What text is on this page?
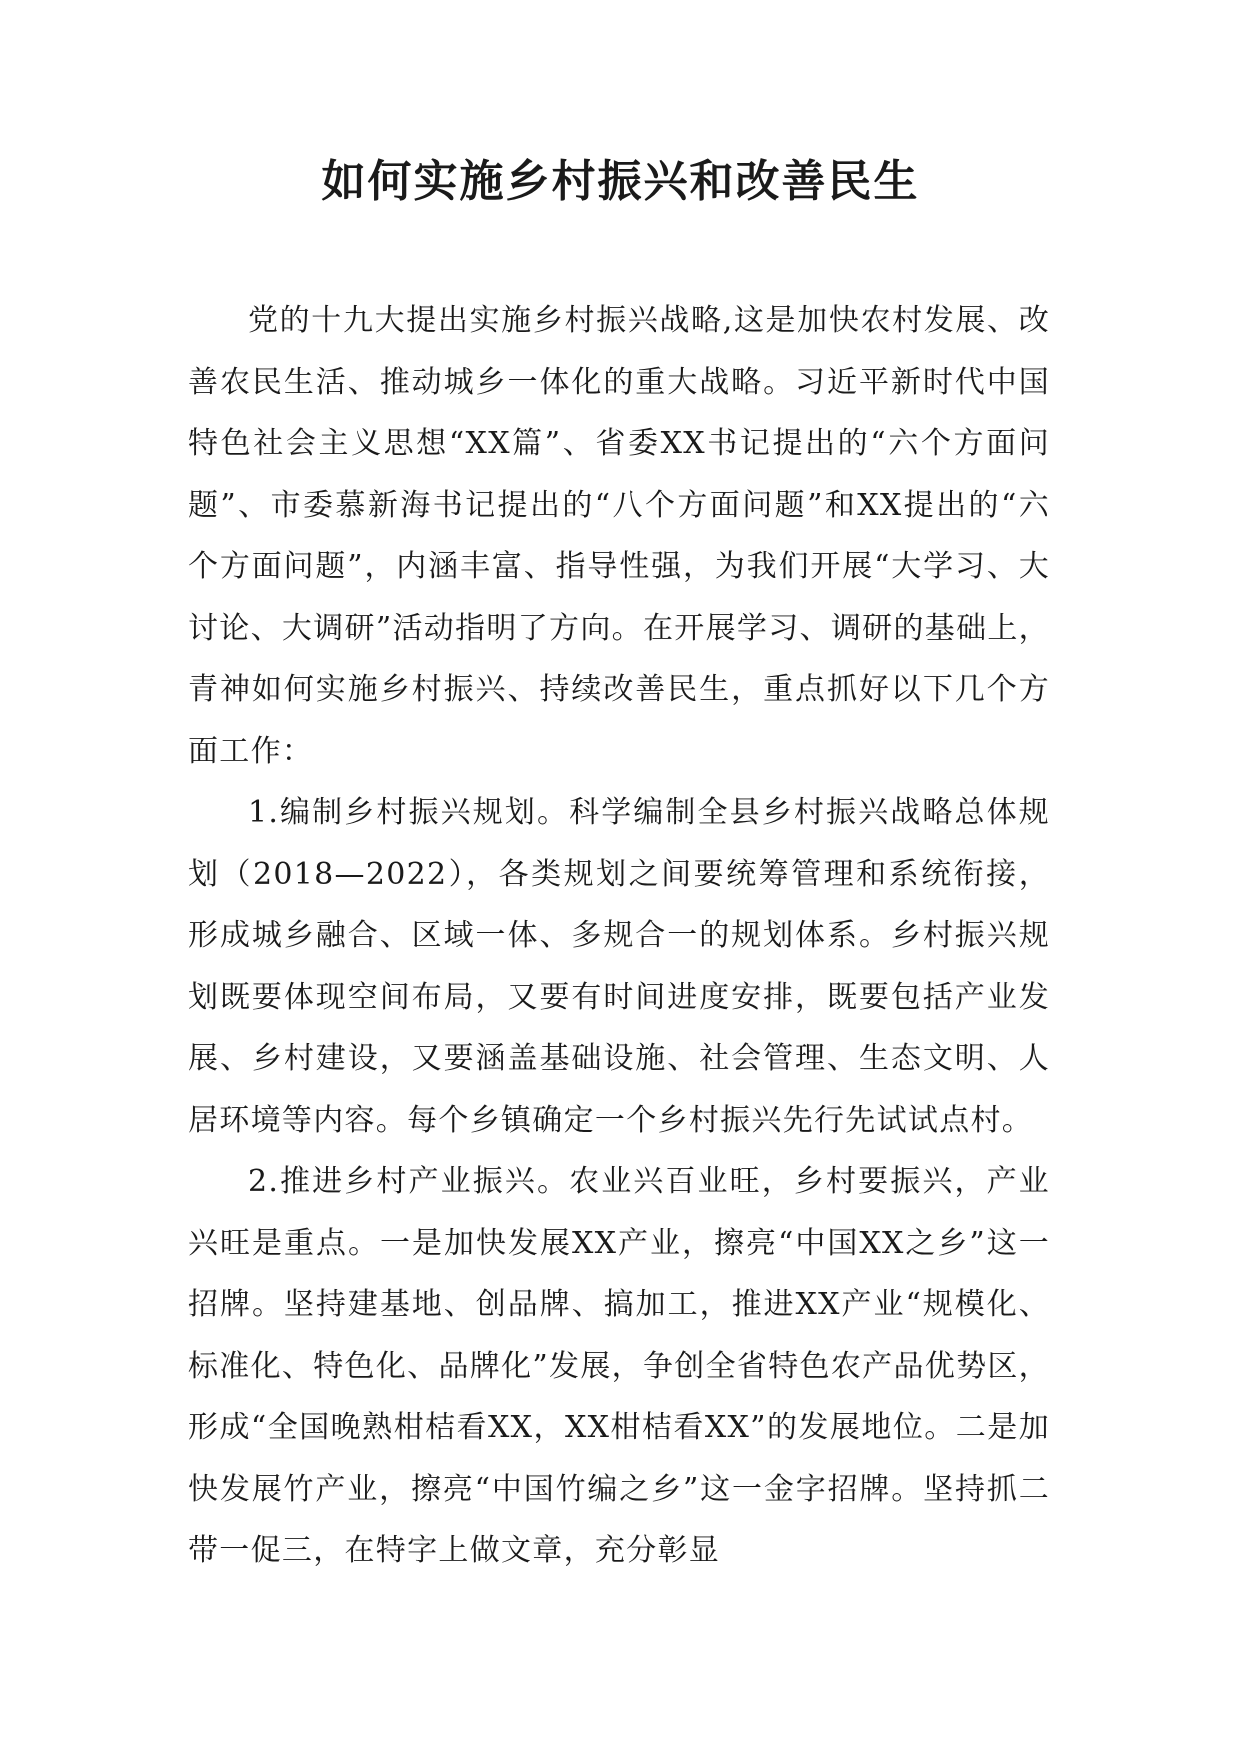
如何实施乡村振兴和改善民生

党的十九大提出实施乡村振兴战略,这是加快农村发展、改善农民生活、推动城乡一体化的重大战略。习近平新时代中国特色社会主义思想“XX篇”、省委XX书记提出的“六个方面问题”、市委慕新海书记提出的“八个方面问题”和XX提出的“六个方面问题”，内涵丰富、指导性强，为我们开展“大学习、大讨论、大调研”活动指明了方向。在开展学习、调研的基础上，青神如何实施乡村振兴、持续改善民生，重点抓好以下几个方面工作：

1.编制乡村振兴规划。科学编制全县乡村振兴战略总体规划（2018—2022），各类规划之间要统筹管理和系统衔接，形成城乡融合、区域一体、多规合一的规划体系。乡村振兴规划既要体现空间布局，又要有时间进度安排，既要包括产业发展、乡村建设，又要涵盖基础设施、社会管理、生态文明、人居环境等内容。每个乡镇确定一个乡村振兴先行先试试点村。

2.推进乡村产业振兴。农业兴百业旺，乡村要振兴，产业兴旺是重点。一是加快发展XX产业，擦亮“中国XX之乡”这一招牌。坚持建基地、创品牌、搞加工，推进XX产业“规模化、标准化、特色化、品牌化”发展，争创全省特色农产品优势区，形成“全国晚熟柑桔看XX，XX柑桔看XX”的发展地位。二是加快发展竹产业，擦亮“中国竹编之乡”这一金字招牌。坚持抓二带一促三，在特字上做文章，充分彰显
